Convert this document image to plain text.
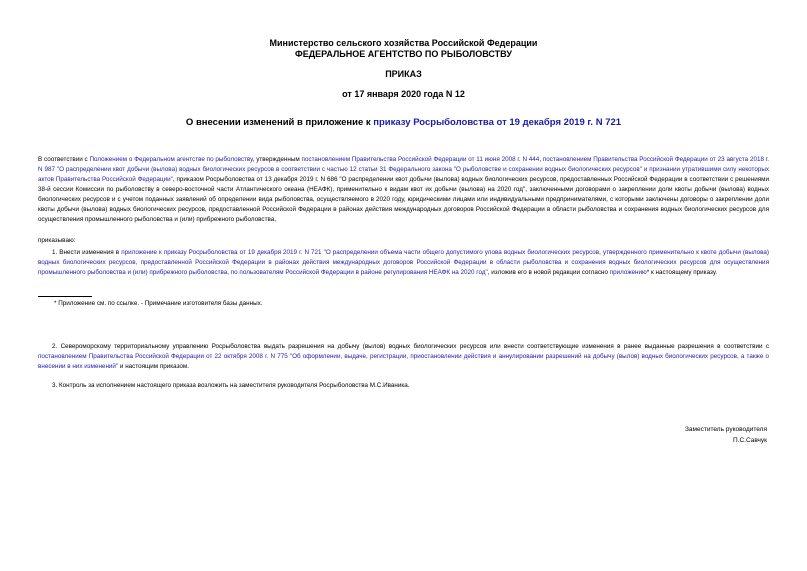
Министерство сельского хозяйства Российской Федерации
ФЕДЕРАЛЬНОЕ АГЕНТСТВО ПО РЫБОЛОВСТВУ
ПРИКАЗ
от 17 января 2020 года N 12
О внесении изменений в приложение к приказу Росрыболовства от 19 декабря 2019 г. N 721
В соответствии с Положением о Федеральном агентстве по рыболовству, утвержденным постановлением Правительства Российской Федерации от 11 июня 2008 г. N 444, постановлением Правительства Российской Федерации от 23 августа 2018 г. N 987 "О распределении квот добычи (вылова) водных биологических ресурсов в соответствии с частью 12 статьи 31 Федерального закона "О рыболовстве и сохранении водных биологических ресурсов" и признании утратившими силу некоторых актов Правительства Российской Федерации", приказом Росрыболовства от 13 декабря 2019 г. N 686 "О распределении квот добычи (вылова) водных биологических ресурсов, предоставленных Российской Федерации в соответствии с решениями 38-й сессии Комиссии по рыболовству в северо-восточной части Атлантического океана (НЕАФК), применительно к видам квот их добычи (вылова) на 2020 год", заключенными договорами о закреплении доли квоты добычи (вылова) водных биологических ресурсов и с учетом поданных заявлений об определении вида рыболовства, осуществляемого в 2020 году, юридическими лицами или индивидуальными предпринимателями, с которыми заключены договоры о закреплении доли квоты добычи (вылова) водных биологических ресурсов, предоставленной Российской Федерации в районах действия международных договоров Российской Федерации в области рыболовства и сохранения водных биологических ресурсов для осуществления промышленного рыболовства и (или) прибрежного рыболовства,
приказываю:
1. Внести изменения в приложение к приказу Росрыболовства от 19 декабря 2019 г. N 721 "О распределении объема части общего допустимого улова водных биологических ресурсов, утвержденного применительно к квоте добычи (вылова) водных биологических ресурсов, предоставленной Российской Федерации в районах действия международных договоров Российской Федерации в области рыболовства и сохранения водных биологических ресурсов для осуществления промышленного рыболовства и (или) прибрежного рыболовства, по пользователям Российской Федерации в районе регулирования НЕАФК на 2020 год", изложив его в новой редакции согласно приложению* к настоящему приказу.
* Приложение см. по ссылке. - Примечание изготовителя базы данных.
2. Североморскому территориальному управлению Росрыболовства выдать разрешения на добычу (вылов) водных биологических ресурсов или внести соответствующие изменения в ранее выданные разрешения в соответствии с постановлением Правительства Российской Федерации от 22 октября 2008 г. N 775 "Об оформлении, выдаче, регистрации, приостановлении действия и аннулировании разрешений на добычу (вылов) водных биологических ресурсов, а также о внесении в них изменений" и настоящим приказом.
3. Контроль за исполнением настоящего приказа возложить на заместителя руководителя Росрыболовства М.С.Иваника.
Заместитель руководителя
П.С.Савчук
